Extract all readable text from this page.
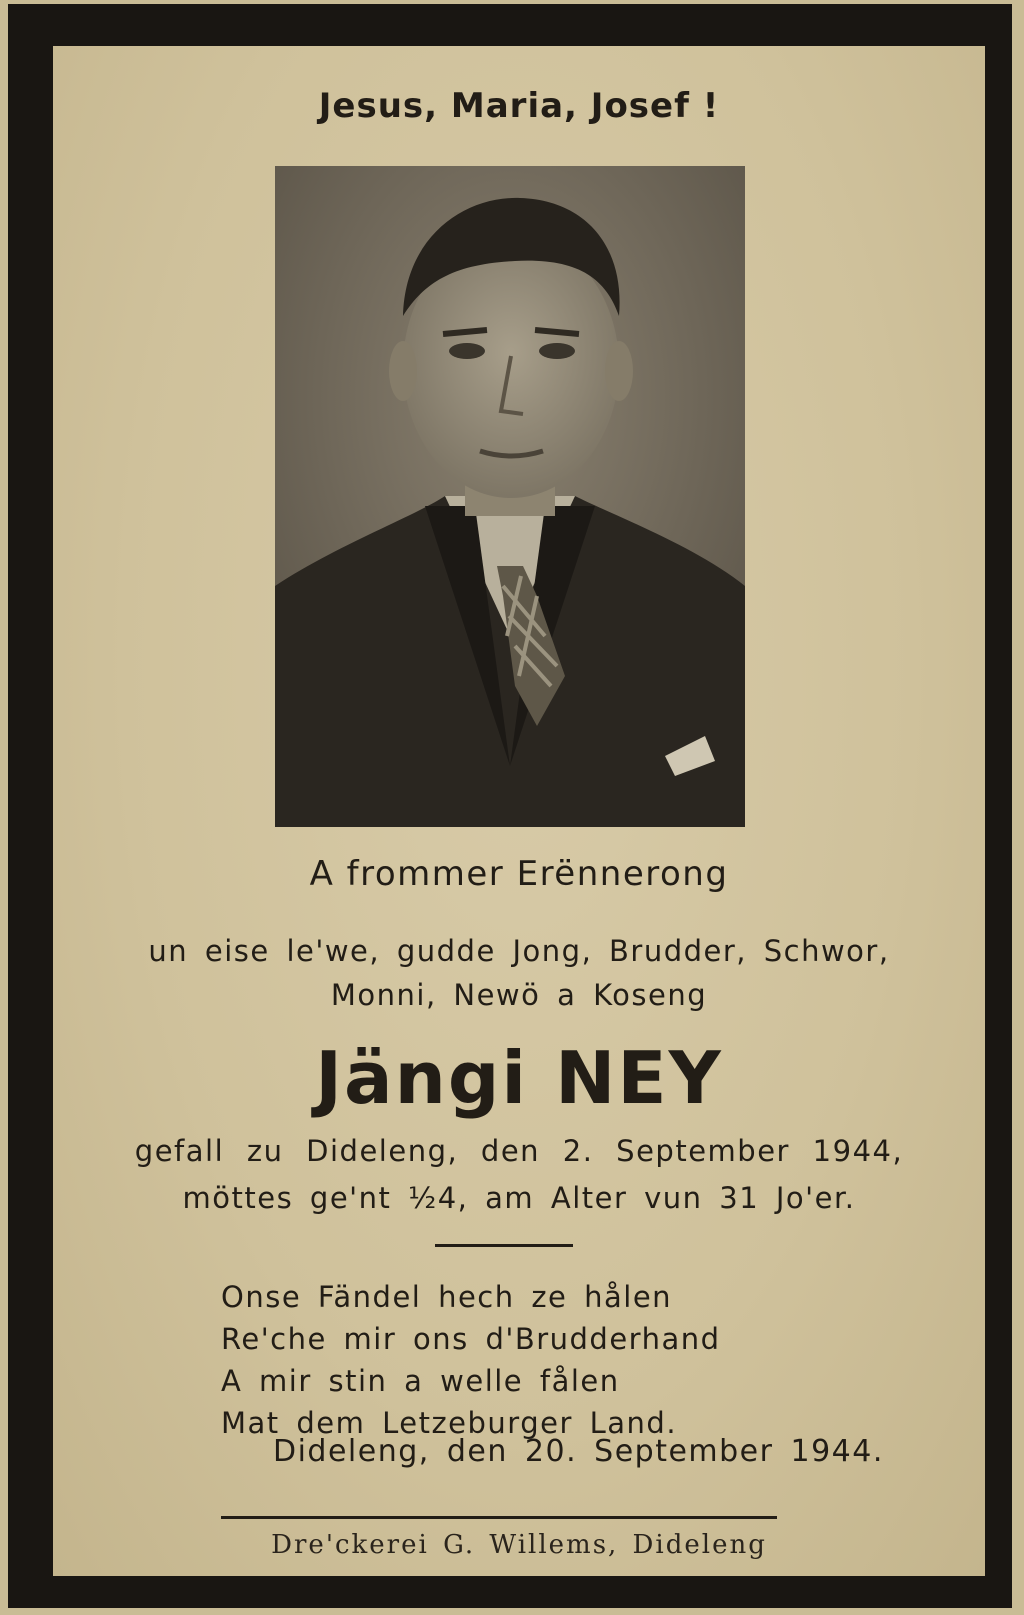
Jesus, Maria, Josef !

A frommer Erënnerong

un eise le'we, gudde Jong, Brudder, Schwor,

Monni, Newö a Koseng

Jängi NEY

gefall zu Dideleng, den 2. September 1944,

möttes ge'nt ½4, am Alter vun 31 Jo'er.

Onse Fändel hech ze hålen
Re'che mir ons d'Brudderhand
A mir stin a welle fålen
Mat dem Letzeburger Land.
Dideleng, den 20. September 1944.

Dre'ckerei G. Willems, Dideleng
